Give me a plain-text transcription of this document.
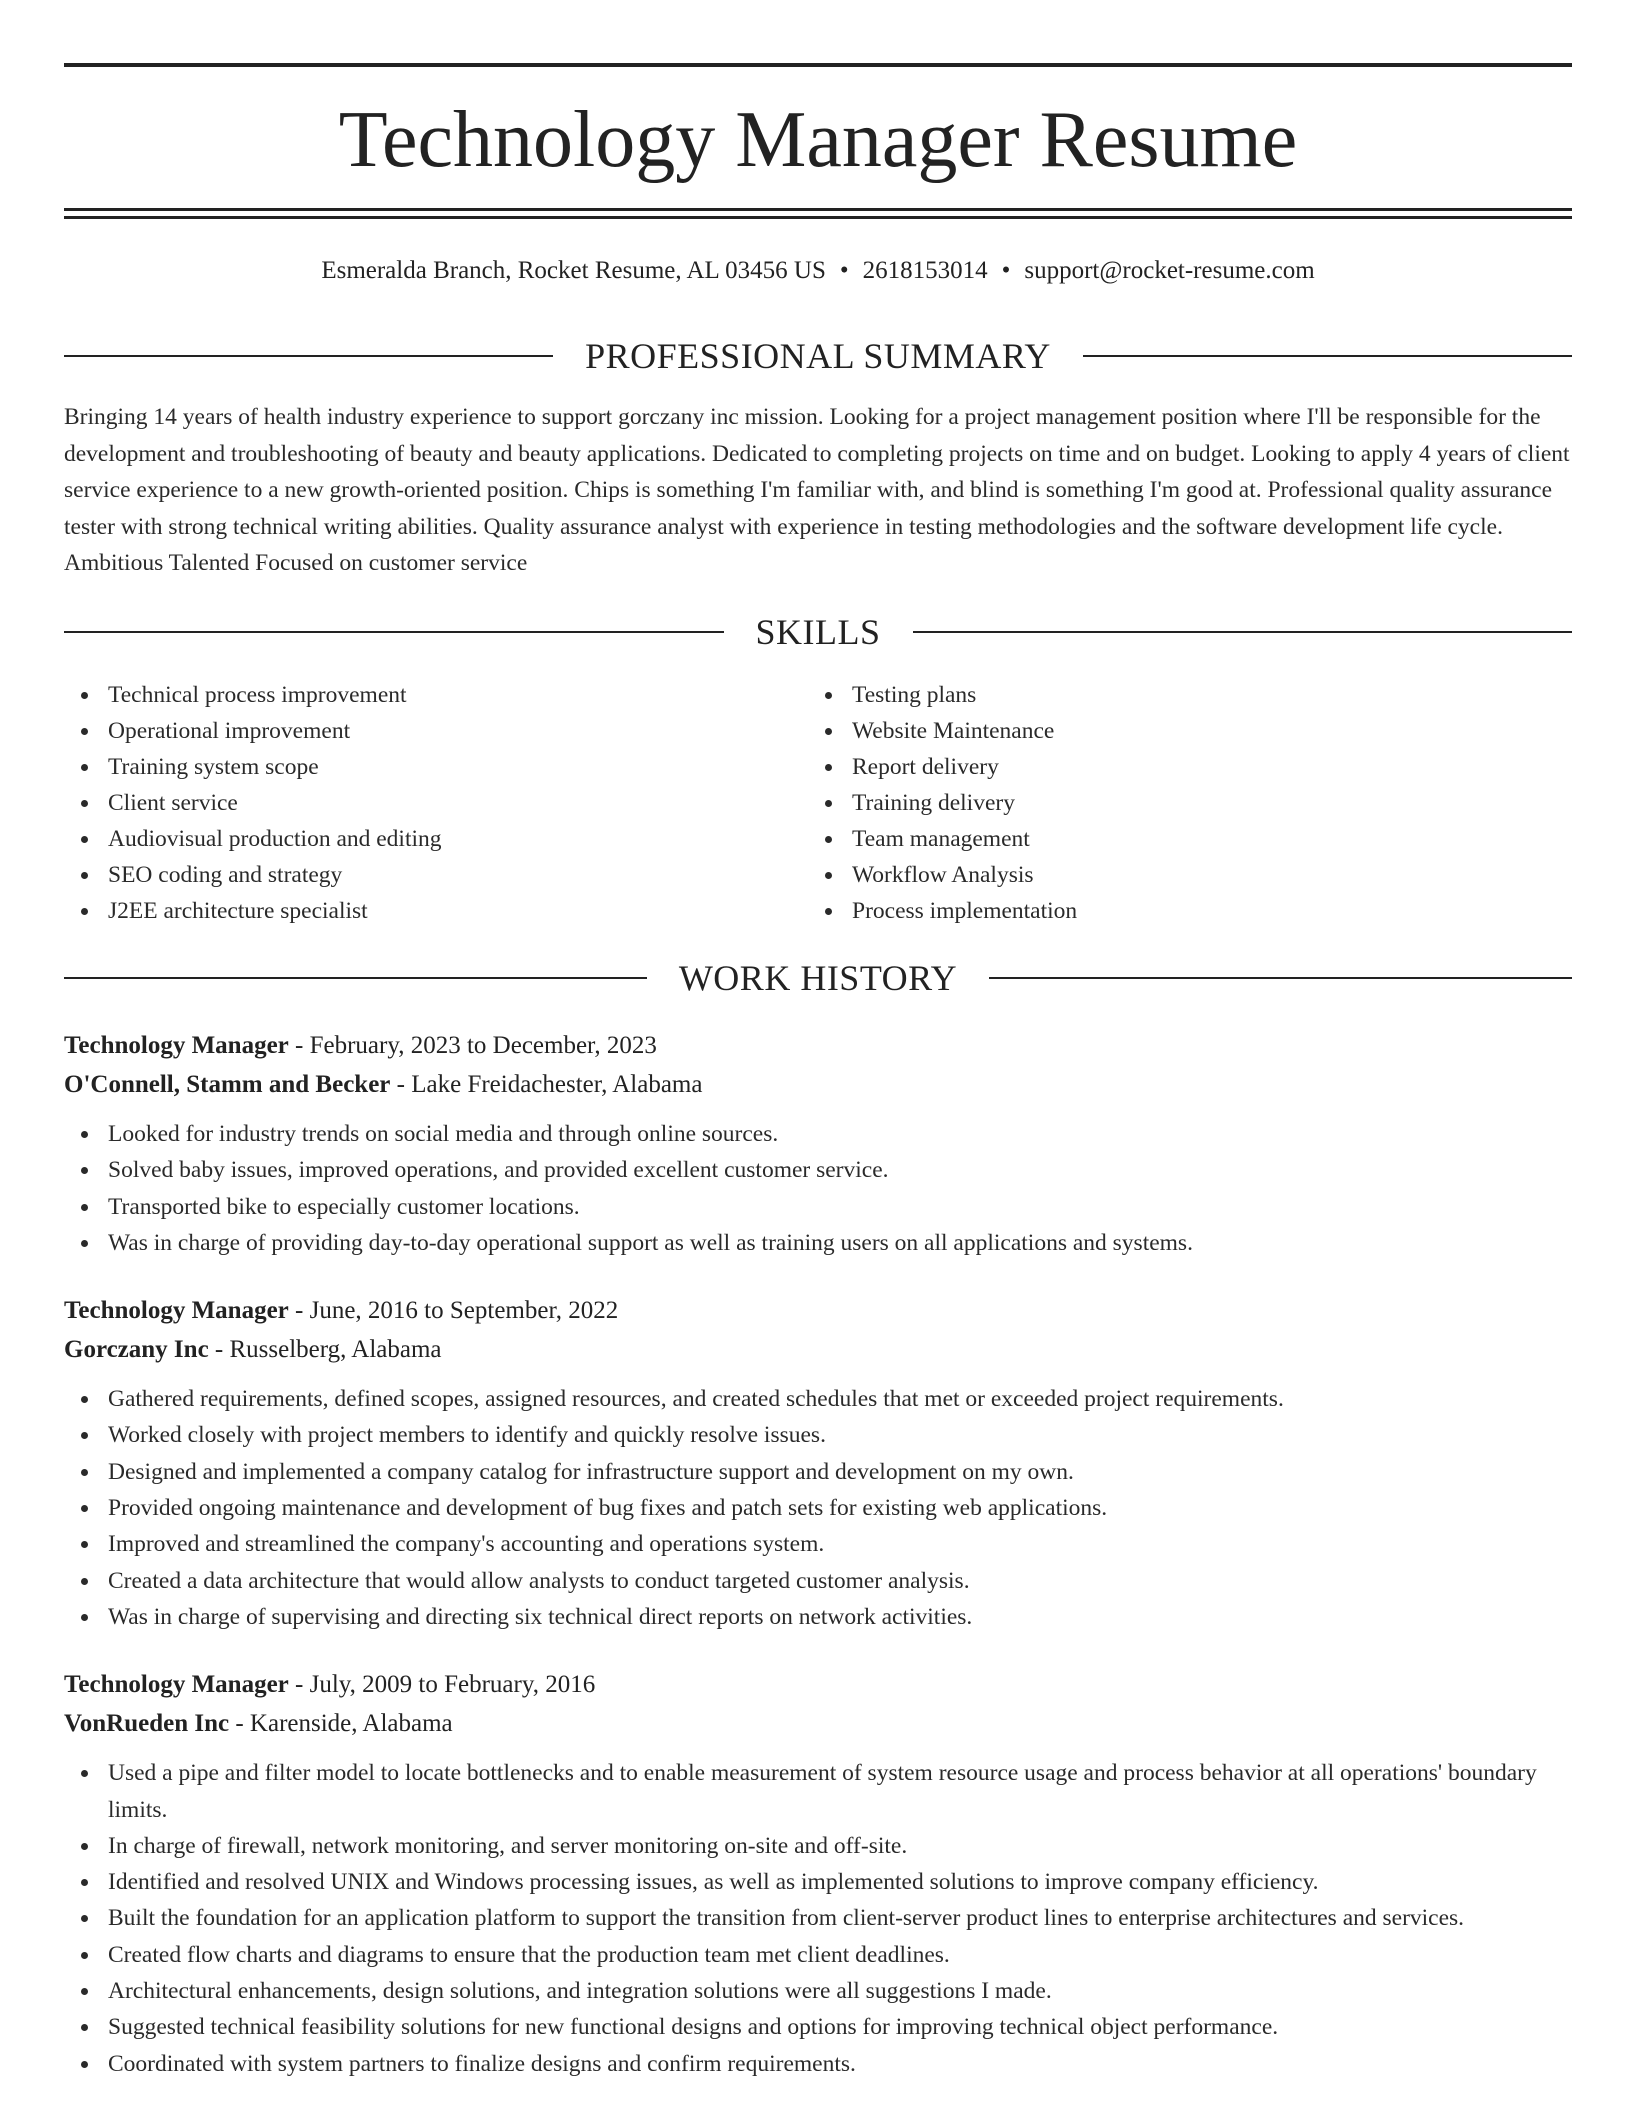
Technology Manager Resume
Esmeralda Branch, Rocket Resume, AL 03456 US • 2618153014 • support@rocket-resume.com
PROFESSIONAL SUMMARY
Bringing 14 years of health industry experience to support gorczany inc mission. Looking for a project management position where I'll be responsible for the development and troubleshooting of beauty and beauty applications. Dedicated to completing projects on time and on budget. Looking to apply 4 years of client service experience to a new growth-oriented position. Chips is something I'm familiar with, and blind is something I'm good at. Professional quality assurance tester with strong technical writing abilities. Quality assurance analyst with experience in testing methodologies and the software development life cycle. Ambitious Talented Focused on customer service
SKILLS
Technical process improvement
Operational improvement
Training system scope
Client service
Audiovisual production and editing
SEO coding and strategy
J2EE architecture specialist
Testing plans
Website Maintenance
Report delivery
Training delivery
Team management
Workflow Analysis
Process implementation
WORK HISTORY
Technology Manager - February, 2023 to December, 2023
O'Connell, Stamm and Becker - Lake Freidachester, Alabama
Looked for industry trends on social media and through online sources.
Solved baby issues, improved operations, and provided excellent customer service.
Transported bike to especially customer locations.
Was in charge of providing day-to-day operational support as well as training users on all applications and systems.
Technology Manager - June, 2016 to September, 2022
Gorczany Inc - Russelberg, Alabama
Gathered requirements, defined scopes, assigned resources, and created schedules that met or exceeded project requirements.
Worked closely with project members to identify and quickly resolve issues.
Designed and implemented a company catalog for infrastructure support and development on my own.
Provided ongoing maintenance and development of bug fixes and patch sets for existing web applications.
Improved and streamlined the company's accounting and operations system.
Created a data architecture that would allow analysts to conduct targeted customer analysis.
Was in charge of supervising and directing six technical direct reports on network activities.
Technology Manager - July, 2009 to February, 2016
VonRueden Inc - Karenside, Alabama
Used a pipe and filter model to locate bottlenecks and to enable measurement of system resource usage and process behavior at all operations' boundary limits.
In charge of firewall, network monitoring, and server monitoring on-site and off-site.
Identified and resolved UNIX and Windows processing issues, as well as implemented solutions to improve company efficiency.
Built the foundation for an application platform to support the transition from client-server product lines to enterprise architectures and services.
Created flow charts and diagrams to ensure that the production team met client deadlines.
Architectural enhancements, design solutions, and integration solutions were all suggestions I made.
Suggested technical feasibility solutions for new functional designs and options for improving technical object performance.
Coordinated with system partners to finalize designs and confirm requirements.
